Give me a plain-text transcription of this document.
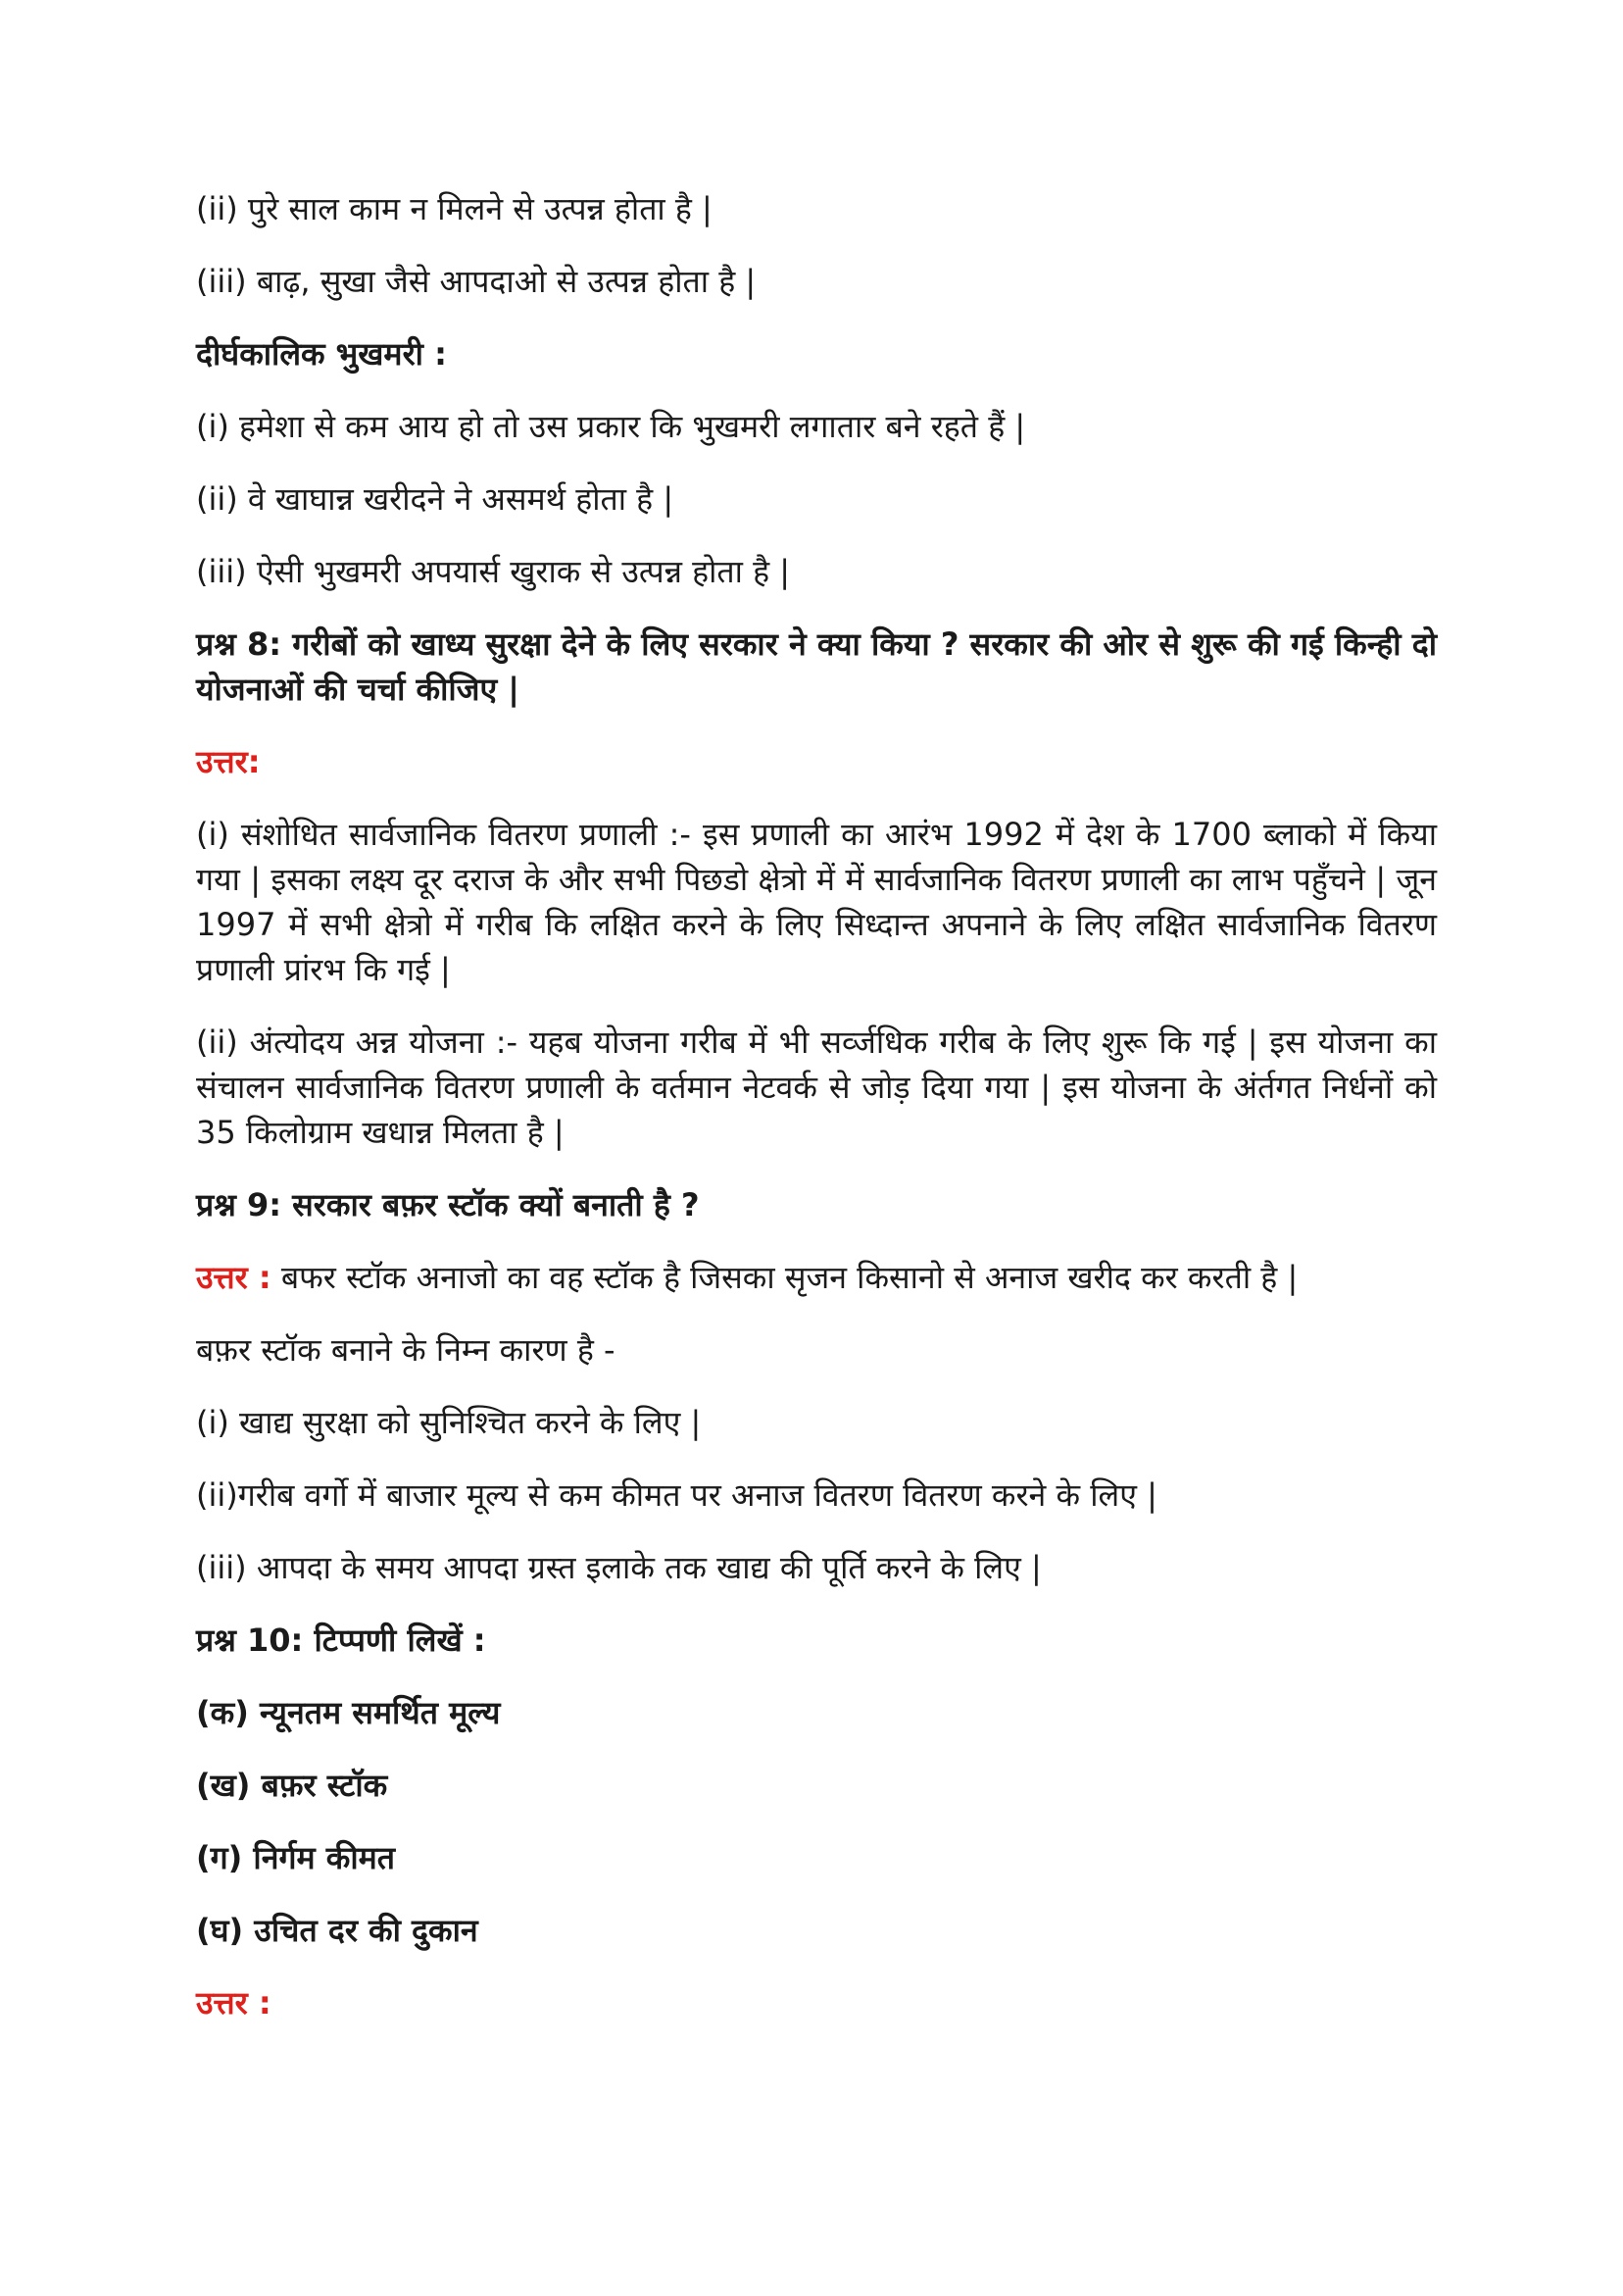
(ii) पुरे साल काम न मिलने से उत्पन्न होता है |

(iii) बाढ़, सुखा जैसे आपदाओ से उत्पन्न होता है |

दीर्घकालिक भुखमरी :

(i) हमेशा से कम आय हो तो उस प्रकार कि भुखमरी लगातार बने रहते हैं |

(ii) वे खाघान्न खरीदने ने असमर्थ होता है |

(iii) ऐसी भुखमरी अपयार्स खुराक से उत्पन्न होता है |

प्रश्न 8: गरीबों को खाध्य सुरक्षा देने के लिए सरकार ने क्या किया ? सरकार की ओर से शुरू की गई किन्ही दो योजनाओं की चर्चा कीजिए |

उत्तर:

(i) संशोधित सार्वजानिक वितरण प्रणाली :- इस प्रणाली का आरंभ 1992 में देश के 1700 ब्लाको में किया गया | इसका लक्ष्य दूर दराज के और सभी पिछडो क्षेत्रो में में सार्वजानिक वितरण प्रणाली का लाभ पहुँचने | जून 1997 में सभी क्षेत्रो में गरीब कि लक्षित करने के लिए सिध्दान्त अपनाने के लिए लक्षित सार्वजानिक वितरण प्रणाली प्रांरभ कि गई |

(ii) अंत्योदय अन्न योजना :- यहब योजना गरीब में भी सर्व्जधिक गरीब के लिए शुरू कि गई | इस योजना का संचालन सार्वजानिक वितरण प्रणाली के वर्तमान नेटवर्क से जोड़ दिया गया | इस योजना के अंर्तगत निर्धनों को 35 किलोग्राम खधान्न मिलता है |

प्रश्न 9: सरकार बफ़र स्टॉक क्यों बनाती है ?

उत्तर : बफर स्टॉक अनाजो का वह स्टॉक है जिसका सृजन किसानो से अनाज खरीद कर करती है |

बफ़र स्टॉक बनाने के निम्न कारण है -

(i) खाद्य सुरक्षा को सुनिश्चित करने के लिए |

(ii)गरीब वर्गो में बाजार मूल्य से कम कीमत पर अनाज वितरण वितरण करने के लिए |

(iii) आपदा के समय आपदा ग्रस्त इलाके तक खाद्य की पूर्ति करने के लिए |

प्रश्न 10: टिप्पणी लिखें :

(क) न्यूनतम समर्थित मूल्य

(ख) बफ़र स्टॉक

(ग) निर्गम कीमत

(घ) उचित दर की दुकान

उत्तर :
